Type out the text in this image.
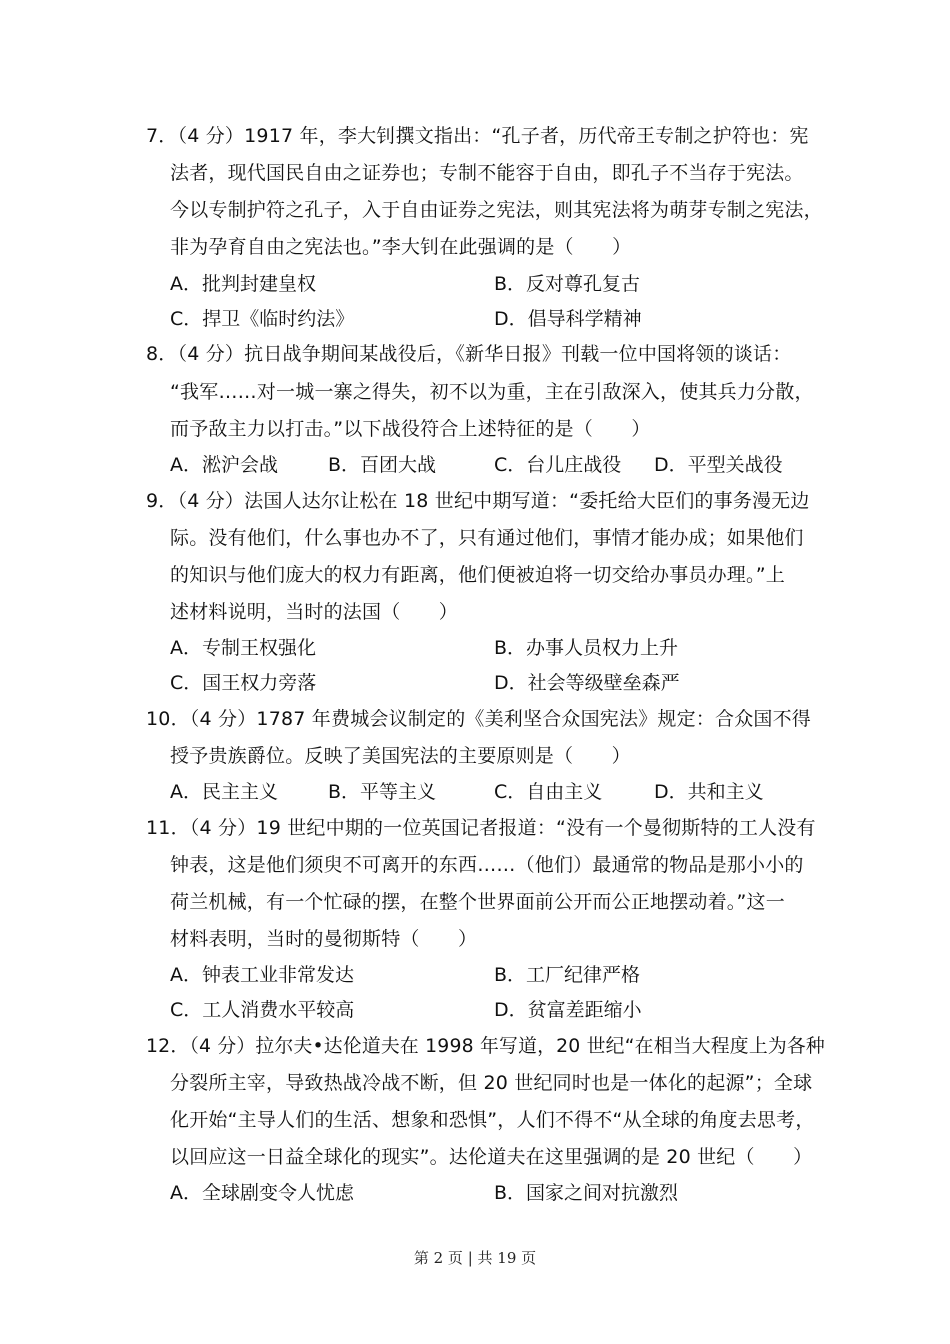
7．（4 分）1917 年，李大钊撰文指出：“孔子者，历代帝王专制之护符也：宪
法者，现代国民自由之证券也；专制不能容于自由，即孔子不当存于宪法。
今以专制护符之孔子，入于自由证券之宪法，则其宪法将为萌芽专制之宪法，
非为孕育自由之宪法也。”李大钊在此强调的是（　　）
A．批判封建皇权	B．反对尊孔复古
C．捍卫《临时约法》	D．倡导科学精神
8．（4 分）抗日战争期间某战役后，《新华日报》刊载一位中国将领的谈话：
“我军……对一城一寨之得失，初不以为重，主在引敌深入，使其兵力分散，
而予敌主力以打击。”以下战役符合上述特征的是（　　）
A．淞沪会战	B．百团大战	C．台儿庄战役 D．平型关战役
9．（4 分）法国人达尔让松在 18 世纪中期写道：“委托给大臣们的事务漫无边
际。没有他们，什么事也办不了，只有通过他们，事情才能办成；如果他们
的知识与他们庞大的权力有距离，他们便被迫将一切交给办事员办理。”上
述材料说明，当时的法国（　　）
A．专制王权强化	B．办事人员权力上升
C．国王权力旁落	D．社会等级壁垒森严
10．（4 分）1787 年费城会议制定的《美利坚合众国宪法》规定：合众国不得
授予贵族爵位。反映了美国宪法的主要原则是（　　）
A．民主主义	B．平等主义	C．自由主义	D．共和主义
11．（4 分）19 世纪中期的一位英国记者报道：“没有一个曼彻斯特的工人没有
钟表，这是他们须臾不可离开的东西……（他们）最通常的物品是那小小的
荷兰机械，有一个忙碌的摆，在整个世界面前公开而公正地摆动着。”这一
材料表明，当时的曼彻斯特（　　）
A．钟表工业非常发达	B．工厂纪律严格
C．工人消费水平较高	D．贫富差距缩小
12．（4 分）拉尔夫•达伦道夫在 1998 年写道，20 世纪“在相当大程度上为各种
分裂所主宰，导致热战冷战不断，但 20 世纪同时也是一体化的起源”；全球
化开始“主导人们的生活、想象和恐惧”，人们不得不“从全球的角度去思考，
以回应这一日益全球化的现实”。达伦道夫在这里强调的是 20 世纪（　　）
A．全球剧变令人忧虑	B．国家之间对抗激烈
第 2 页 | 共 19 页
